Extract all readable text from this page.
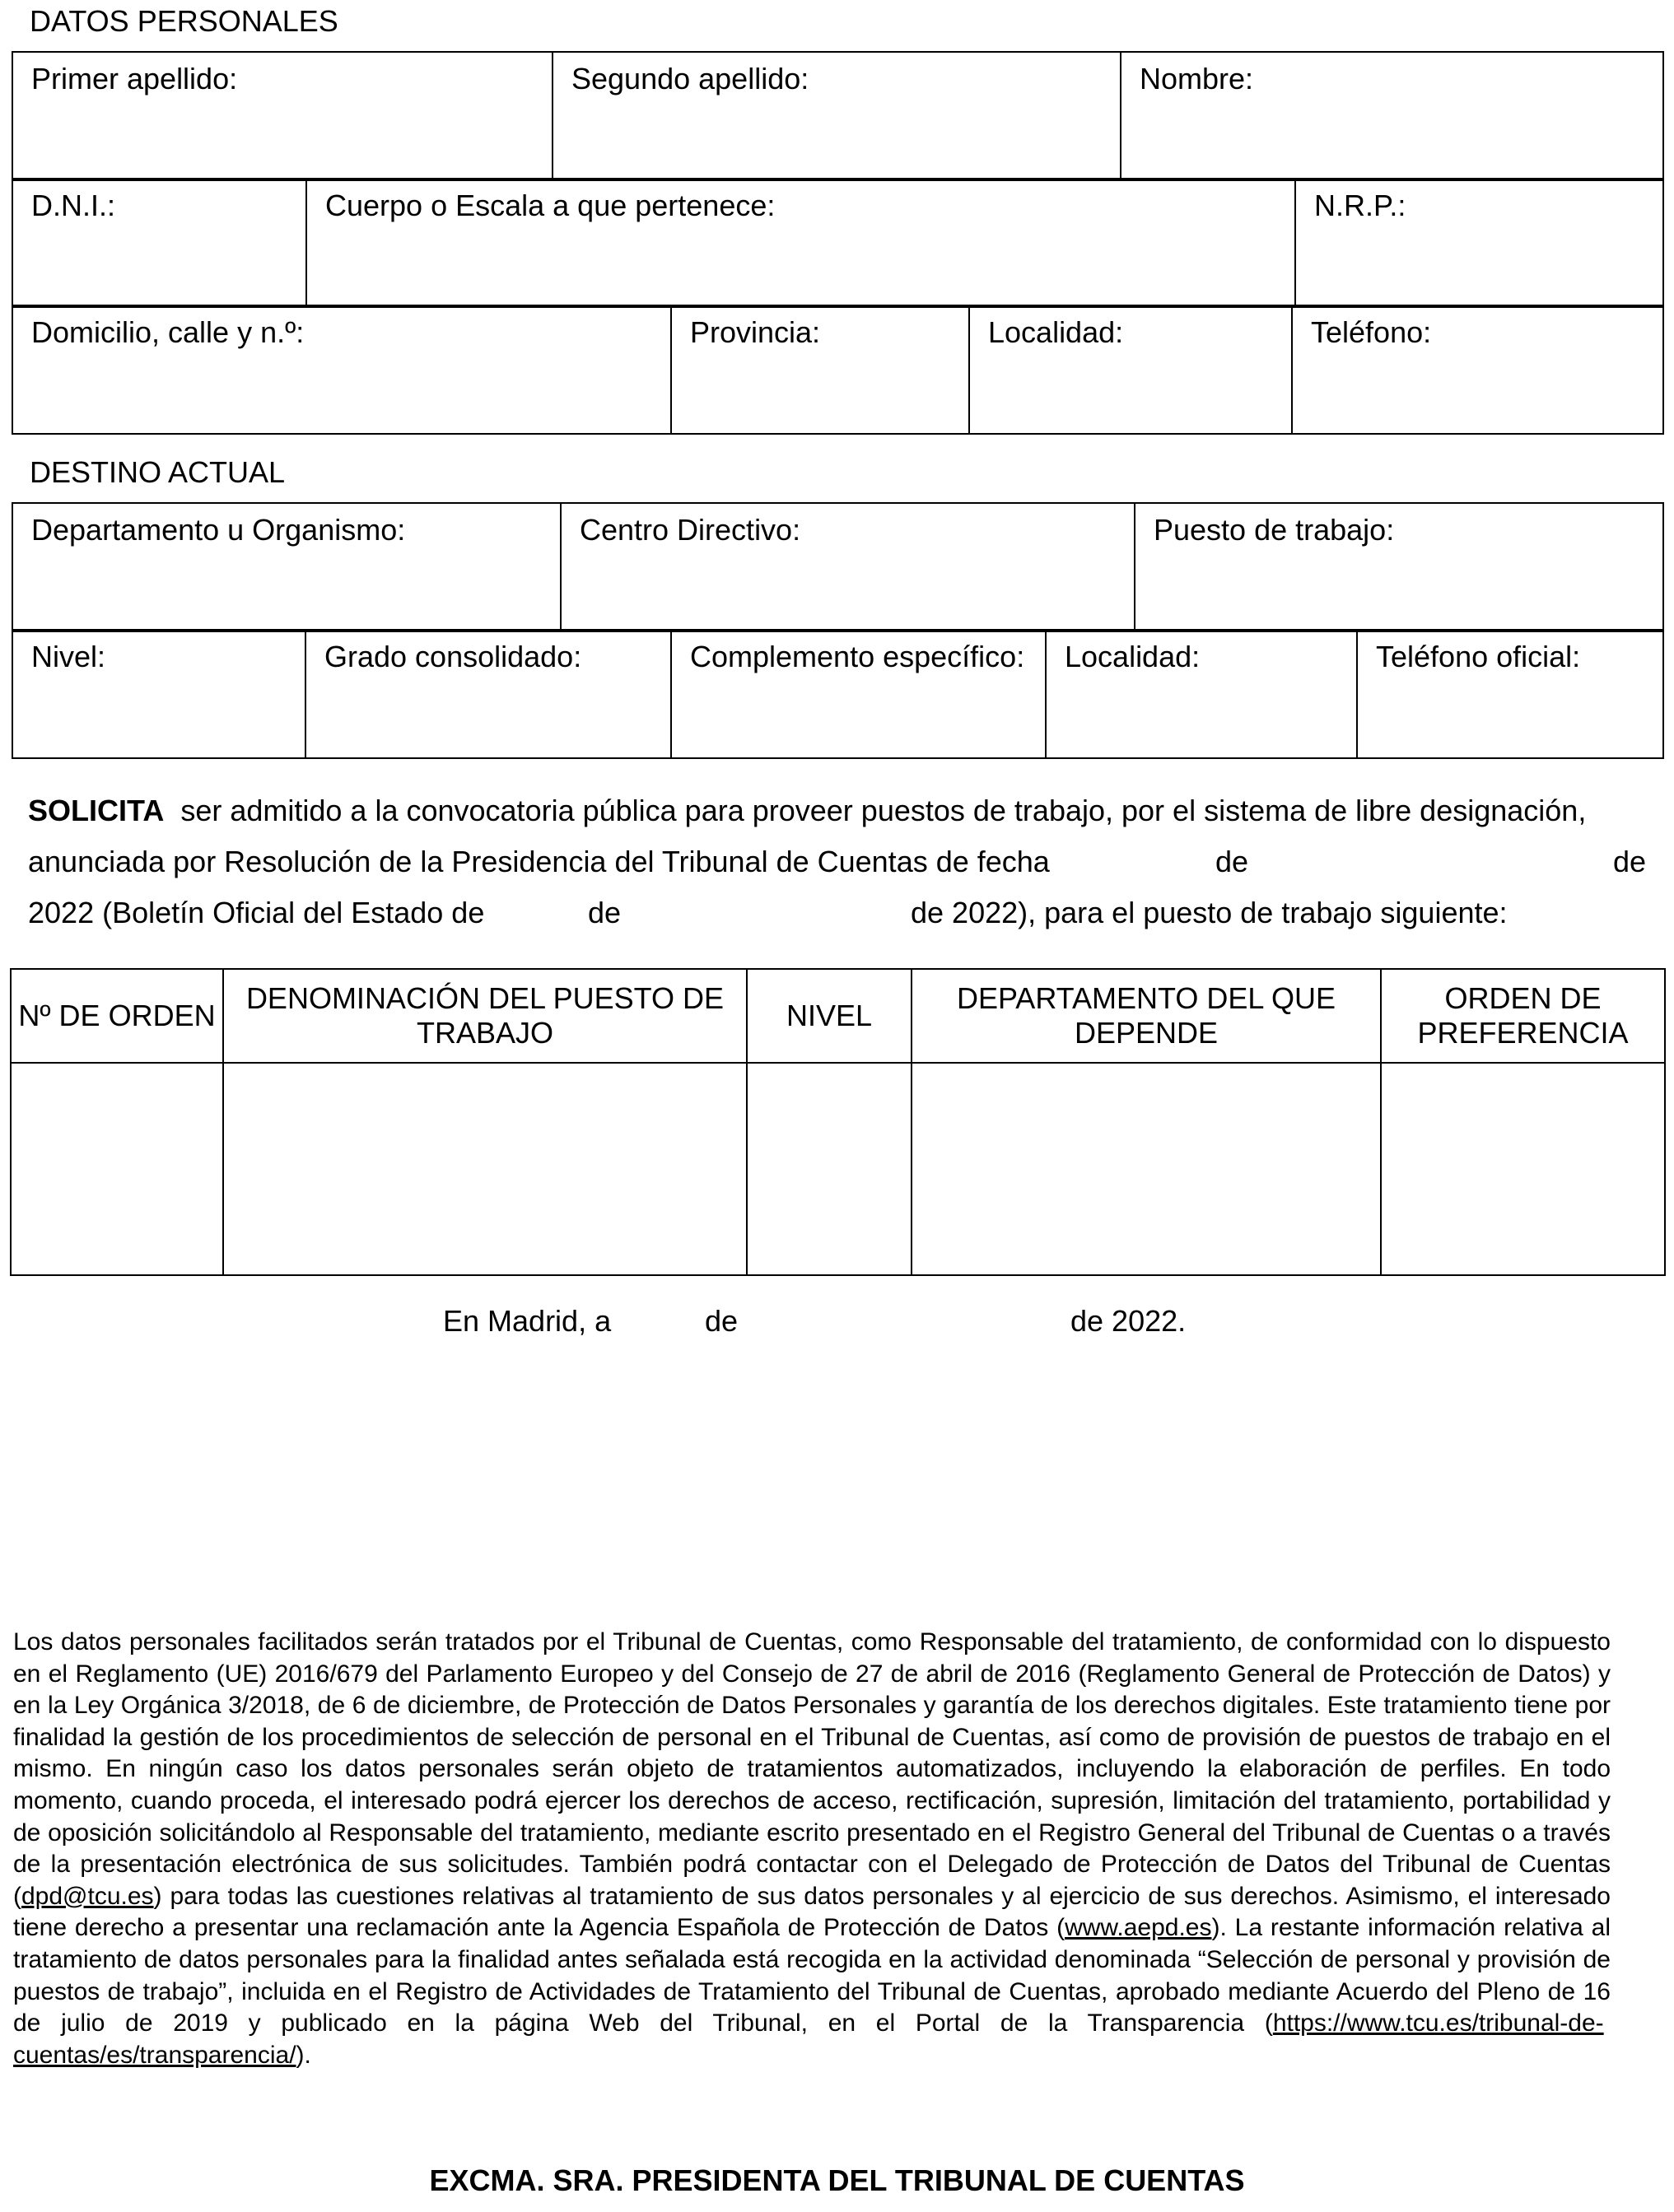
DATOS PERSONALES
Primer apellido:	Segundo apellido:	Nombre:
D.N.I.:	Cuerpo o Escala a que pertenece:	N.R.P.:
Domicilio, calle y n.º:	Provincia:	Localidad:	Teléfono:
DESTINO ACTUAL
Departamento u Organismo:	Centro Directivo:	Puesto de trabajo:
Nivel:	Grado consolidado:	Complemento específico:	Localidad:	Teléfono oficial:
SOLICITA ser admitido a la convocatoria pública para proveer puestos de trabajo, por el sistema de libre designación,
anunciada por Resolución de la Presidencia del Tribunal de Cuentas de fecha	de	de
2022 (Boletín Oficial del Estado de	de	de 2022), para el puesto de trabajo siguiente:
Nº DE ORDEN	DENOMINACIÓN DEL PUESTO DE TRABAJO	NIVEL	DEPARTAMENTO DEL QUE DEPENDE	ORDEN DE PREFERENCIA

En Madrid, a	de	de 2022.
Los datos personales facilitados serán tratados por el Tribunal de Cuentas, como Responsable del tratamiento, de conformidad con lo dispuesto en el Reglamento (UE) 2016/679 del Parlamento Europeo y del Consejo de 27 de abril de 2016 (Reglamento General de Protección de Datos) y en la Ley Orgánica 3/2018, de 6 de diciembre, de Protección de Datos Personales y garantía de los derechos digitales. Este tratamiento tiene por finalidad la gestión de los procedimientos de selección de personal en el Tribunal de Cuentas, así como de provisión de puestos de trabajo en el mismo. En ningún caso los datos personales serán objeto de tratamientos automatizados, incluyendo la elaboración de perfiles. En todo momento, cuando proceda, el interesado podrá ejercer los derechos de acceso, rectificación, supresión, limitación del tratamiento, portabilidad y de oposición solicitándolo al Responsable del tratamiento, mediante escrito presentado en el Registro General del Tribunal de Cuentas o a través de la presentación electrónica de sus solicitudes. También podrá contactar con el Delegado de Protección de Datos del Tribunal de Cuentas (dpd@tcu.es) para todas las cuestiones relativas al tratamiento de sus datos personales y al ejercicio de sus derechos. Asimismo, el interesado tiene derecho a presentar una reclamación ante la Agencia Española de Protección de Datos (www.aepd.es). La restante información relativa al tratamiento de datos personales para la finalidad antes señalada está recogida en la actividad denominada “Selección de personal y provisión de puestos de trabajo”, incluida en el Registro de Actividades de Tratamiento del Tribunal de Cuentas, aprobado mediante Acuerdo del Pleno de 16 de julio de 2019 y publicado en la página Web del Tribunal, en el Portal de la Transparencia (https://www.tcu.es/tribunal-de-  cuentas/es/transparencia/).
EXCMA. SRA. PRESIDENTA DEL TRIBUNAL DE CUENTAS
